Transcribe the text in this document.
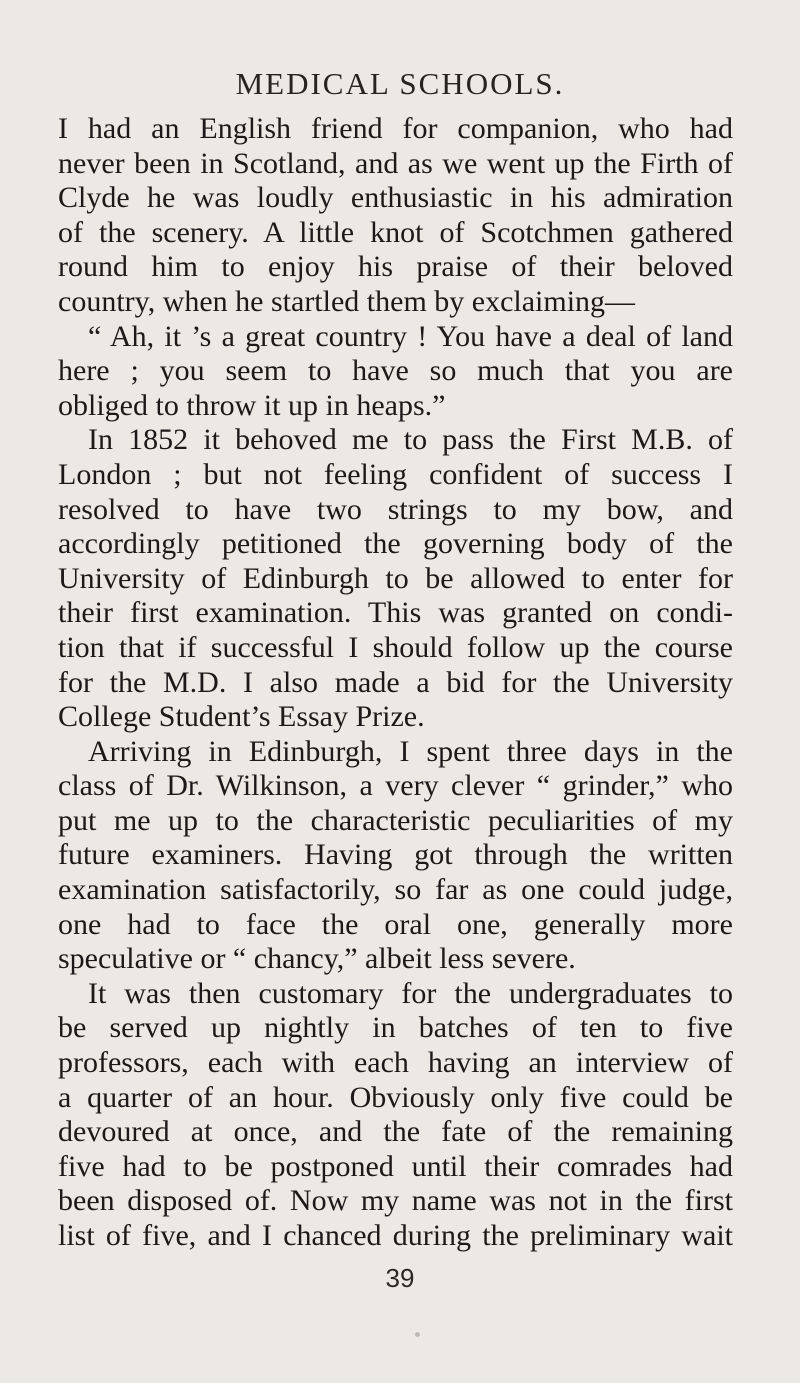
MEDICAL SCHOOLS.
I had an English friend for companion, who had
never been in Scotland, and as we went up the Firth of
Clyde he was loudly enthusiastic in his admiration
of the scenery. A little knot of Scotchmen gathered
round him to enjoy his praise of their beloved
country, when he startled them by exclaiming—
“ Ah, it ’s a great country ! You have a deal of land
here ; you seem to have so much that you are
obliged to throw it up in heaps.”
In 1852 it behoved me to pass the First M.B. of
London ; but not feeling confident of success I
resolved to have two strings to my bow, and
accordingly petitioned the governing body of the
University of Edinburgh to be allowed to enter for
their first examination. This was granted on condi-
tion that if successful I should follow up the course
for the M.D. I also made a bid for the University
College Student’s Essay Prize.
Arriving in Edinburgh, I spent three days in the
class of Dr. Wilkinson, a very clever “ grinder,” who
put me up to the characteristic peculiarities of my
future examiners. Having got through the written
examination satisfactorily, so far as one could judge,
one had to face the oral one, generally more
speculative or “ chancy,” albeit less severe.
It was then customary for the undergraduates to
be served up nightly in batches of ten to five
professors, each with each having an interview of
a quarter of an hour. Obviously only five could be
devoured at once, and the fate of the remaining
five had to be postponed until their comrades had
been disposed of. Now my name was not in the first
list of five, and I chanced during the preliminary wait
39
